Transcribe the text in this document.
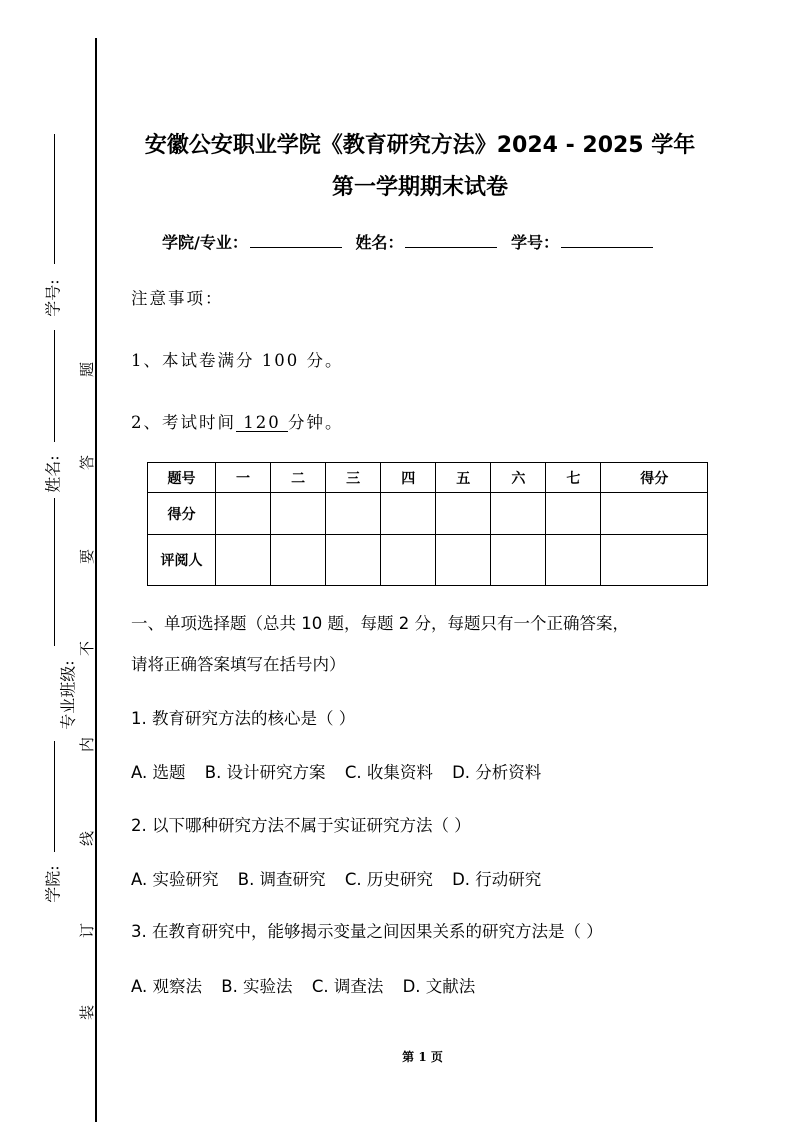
学号:
姓名:
专业班级:
学院:
题
答
要
不
内
线
订
装
安徽公安职业学院《教育研究方法》2024 - 2025 学年
第一学期期末试卷
学院/专业：	姓名：	学号：
注意事项：
1、本试卷满分 100 分。
2、考试时间 120 分钟。
题号	一	二	三	四	五	六	七	得分
得分								
评阅人								
一、单项选择题（总共 10 题，每题 2 分，每题只有一个正确答案，
请将正确答案填写在括号内）
1. 教育研究方法的核心是（ ）
A. 选题 B. 设计研究方案 C. 收集资料 D. 分析资料
2. 以下哪种研究方法不属于实证研究方法（ ）
A. 实验研究 B. 调查研究 C. 历史研究 D. 行动研究
3. 在教育研究中，能够揭示变量之间因果关系的研究方法是（ ）
A. 观察法 B. 实验法 C. 调查法 D. 文献法
第 1 页
